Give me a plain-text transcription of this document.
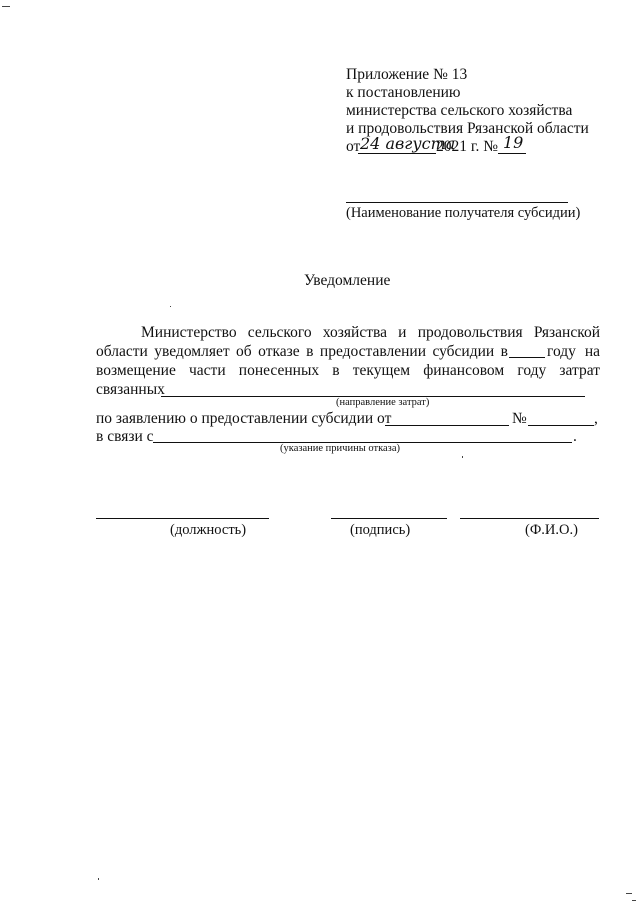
Приложение № 13
к постановлению
министерства сельского хозяйства
и продовольствия Рязанской области
от 24 августа
2021 г. № 19
(Наименование получателя субсидии)
Уведомление
Министерство сельского хозяйства и продовольствия Рязанской
области уведомляет об отказе в предоставлении субсидии в	году на
возмещение части понесенных в текущем финансовом году затрат
связанных
(направление затрат)
по заявлению о предоставлении субсидии от	№	,
в связи с	.
(указание причины отказа)
(должность)	(подпись)	(Ф.И.О.)
